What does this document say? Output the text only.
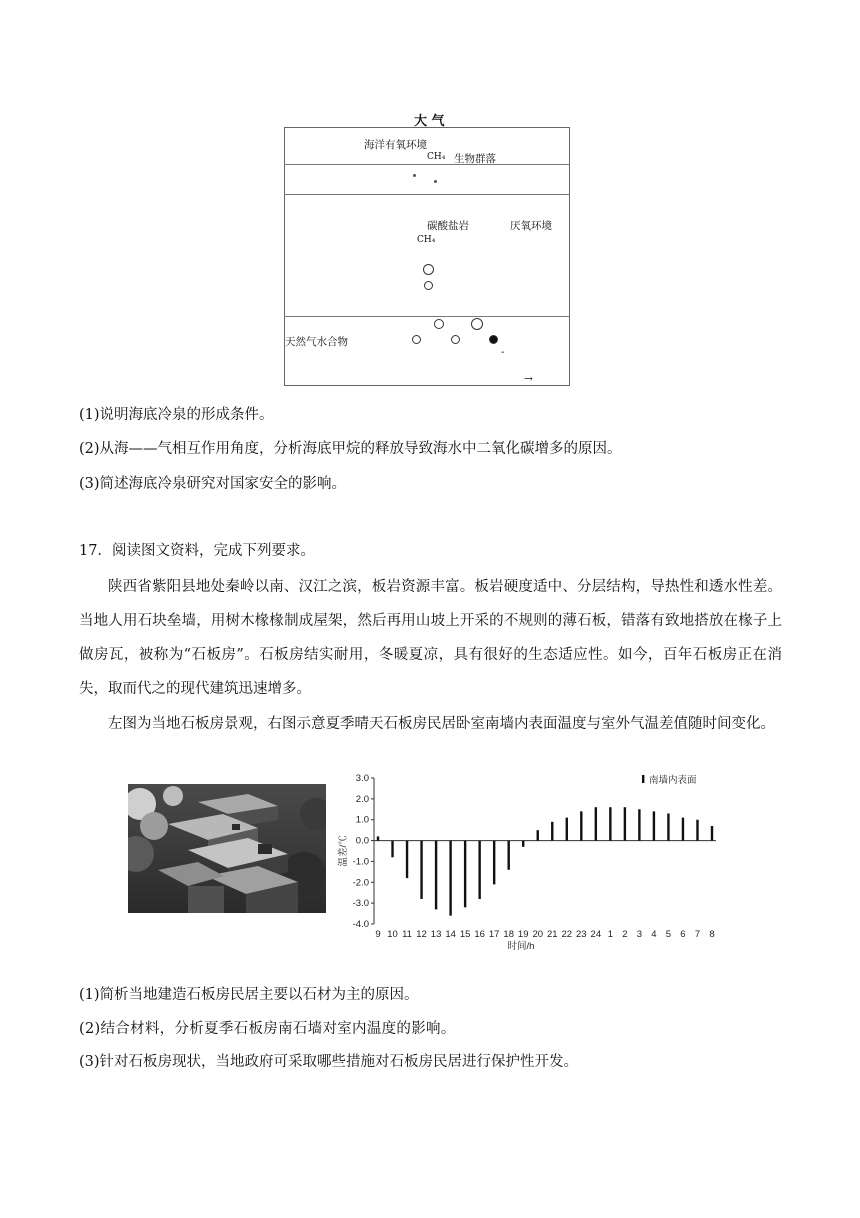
大 气
海洋有氧环境
CH₄ 生物群落
碳酸盐岩	厌氧环境
CH₄
天然气水合物
-
→
(1)说明海底冷泉的形成条件。
(2)从海——气相互作用角度，分析海底甲烷的释放导致海水中二氧化碳增多的原因。
(3)简述海底冷泉研究对国家安全的影响。
17．阅读图文资料，完成下列要求。
陕西省紫阳县地处秦岭以南、汉江之滨，板岩资源丰富。板岩硬度适中、分层结构，导热性和透水性差。当地人用石块垒墙，用树木椽椽制成屋架，然后再用山坡上开采的不规则的薄石板，错落有致地搭放在椽子上做房瓦，被称为“石板房”。石板房结实耐用，冬暖夏凉，具有很好的生态适应性。如今，百年石板房正在消失，取而代之的现代建筑迅速增多。
左图为当地石板房景观，右图示意夏季晴天石板房民居卧室南墙内表面温度与室外气温差值随时间变化。
3.0
2.0
1.0
0.0
-1.0
-2.0
-3.0
-4.0
9 10 11 12 13 14 15 16 17 18 19 20 21 22 23 24 1 2 3 4 5 6 7 8
时间/h
温差/℃
南墙内表面
(1)简析当地建造石板房民居主要以石材为主的原因。
(2)结合材料，分析夏季石板房南石墙对室内温度的影响。
(3)针对石板房现状，当地政府可采取哪些措施对石板房民居进行保护性开发。
